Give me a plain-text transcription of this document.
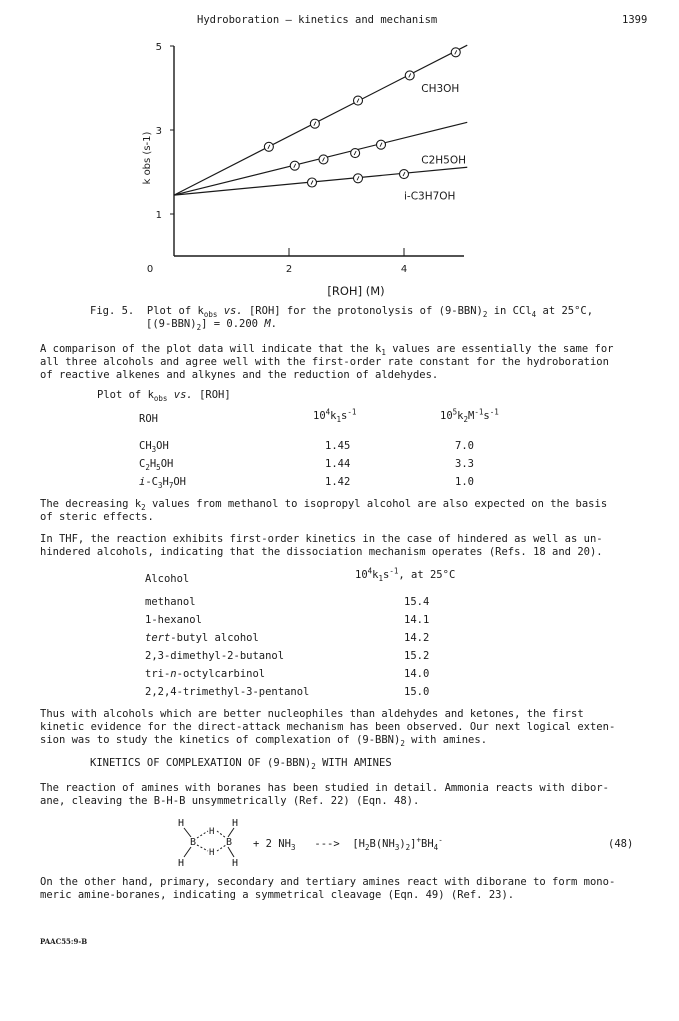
Hydroboration — kinetics and mechanism	1399
1
3
5
0	2	4
[ROH] (M)
k obs (s-1)
CH3OH
C2H5OH
i-C3H7OH
Fig. 5.  Plot of $k_{obs}$ vs. [ROH] for the protonolysis of $(9-BBN)_2$ in CCl$_4$ at 25°C,
$[(9-BBN)_2] = 0.200$ M.
A comparison of the plot data will indicate that the $k_1$ values are essentially the same for
all three alcohols and agree well with the first-order rate constant for the hydroboration
of reactive alkenes and alkynes and the reduction of aldehydes.
Plot of $k_{obs}$ vs. [ROH]
ROH	$10^4k_1s^{-1}$	$10^5k_2M^{-1}s^{-1}$
$CH_3OH$	1.45	7.0
$C_2H_5OH$	1.44	3.3
$i-C_3H_7OH$	1.42	1.0
The decreasing $k_2$ values from methanol to isopropyl alcohol are also expected on the basis
of steric effects.
In THF, the reaction exhibits first-order kinetics in the case of hindered as well as un-
hindered alcohols, indicating that the dissociation mechanism operates (Refs. 18 and 20).
Alcohol	$10^4k_1s^{-1}$, at 25°C
methanol	15.4
1-hexanol	14.1
tert-butyl alcohol	14.2
2,3-dimethyl-2-butanol	15.2
tri-n-octylcarbinol	14.0
2,2,4-trimethyl-3-pentanol	15.0
Thus with alcohols which are better nucleophiles than aldehydes and ketones, the first
kinetic evidence for the direct-attack mechanism has been observed. Our next logical exten-
sion was to study the kinetics of complexation of $(9-BBN)_2$ with amines.
KINETICS OF COMPLEXATION OF $(9-BBN)_2$ WITH AMINES
The reaction of amines with boranes has been studied in detail. Ammonia reacts with dibor-
ane, cleaving the B-H-B unsymmetrically (Ref. 22) (Eqn. 48).
H	H
B	B
H
H
H	H
+ 2 $NH_3$   --->  $[H_2B(NH_3)_2]^+BH_4^-$	(48)
On the other hand, primary, secondary and tertiary amines react with diborane to form mono-
meric amine-boranes, indicating a symmetrical cleavage (Eqn. 49) (Ref. 23).
PAAC55:9-B
